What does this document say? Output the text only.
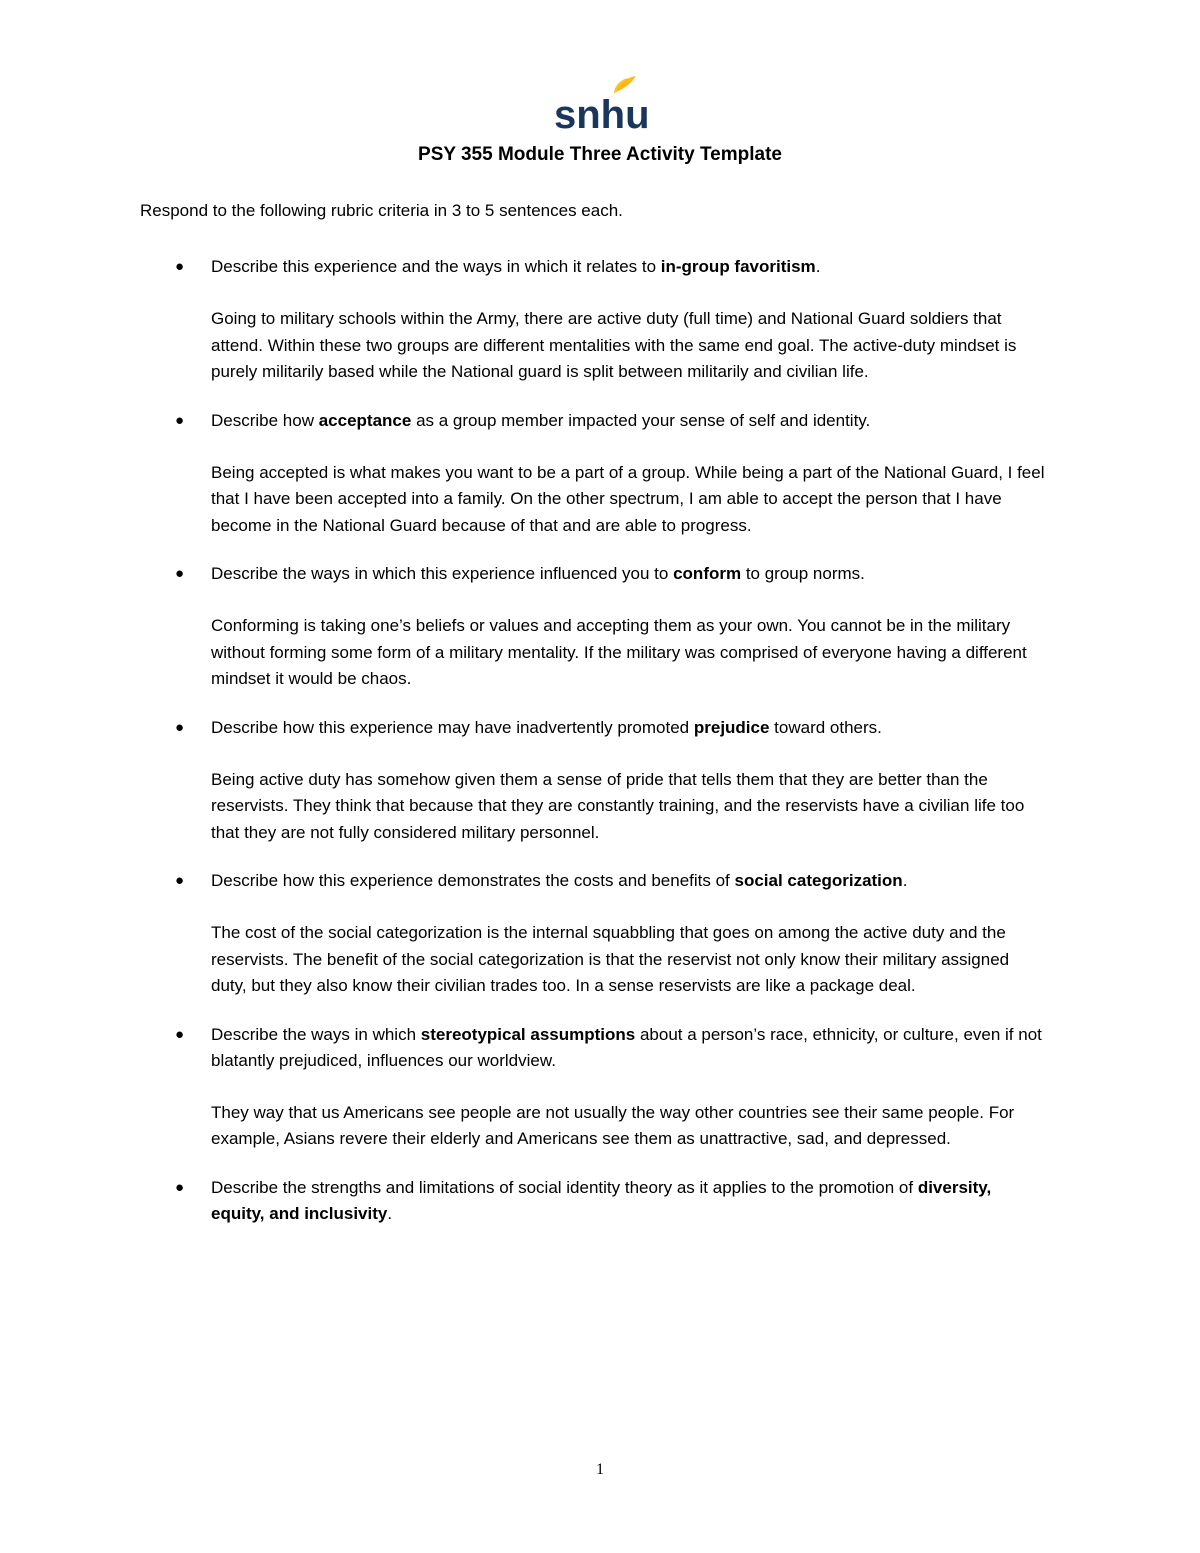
snhu
PSY 355 Module Three Activity Template
Respond to the following rubric criteria in 3 to 5 sentences each.
● Describe this experience and the ways in which it relates to in-group favoritism.
Going to military schools within the Army, there are active duty (full time) and National Guard soldiers that attend. Within these two groups are different mentalities with the same end goal. The active-duty mindset is purely militarily based while the National guard is split between militarily and civilian life.
● Describe how acceptance as a group member impacted your sense of self and identity.
Being accepted is what makes you want to be a part of a group. While being a part of the National Guard, I feel that I have been accepted into a family. On the other spectrum, I am able to accept the person that I have become in the National Guard because of that and are able to progress.
● Describe the ways in which this experience influenced you to conform to group norms.
Conforming is taking one’s beliefs or values and accepting them as your own. You cannot be in the military without forming some form of a military mentality. If the military was comprised of everyone having a different mindset it would be chaos.
● Describe how this experience may have inadvertently promoted prejudice toward others.
Being active duty has somehow given them a sense of pride that tells them that they are better than the reservists. They think that because that they are constantly training, and the reservists have a civilian life too that they are not fully considered military personnel.
● Describe how this experience demonstrates the costs and benefits of social categorization.
The cost of the social categorization is the internal squabbling that goes on among the active duty and the reservists. The benefit of the social categorization is that the reservist not only know their military assigned duty, but they also know their civilian trades too. In a sense reservists are like a package deal.
● Describe the ways in which stereotypical assumptions about a person’s race, ethnicity, or culture, even if not blatantly prejudiced, influences our worldview.
They way that us Americans see people are not usually the way other countries see their same people. For example, Asians revere their elderly and Americans see them as unattractive, sad, and depressed.
● Describe the strengths and limitations of social identity theory as it applies to the promotion of diversity, equity, and inclusivity.
1
